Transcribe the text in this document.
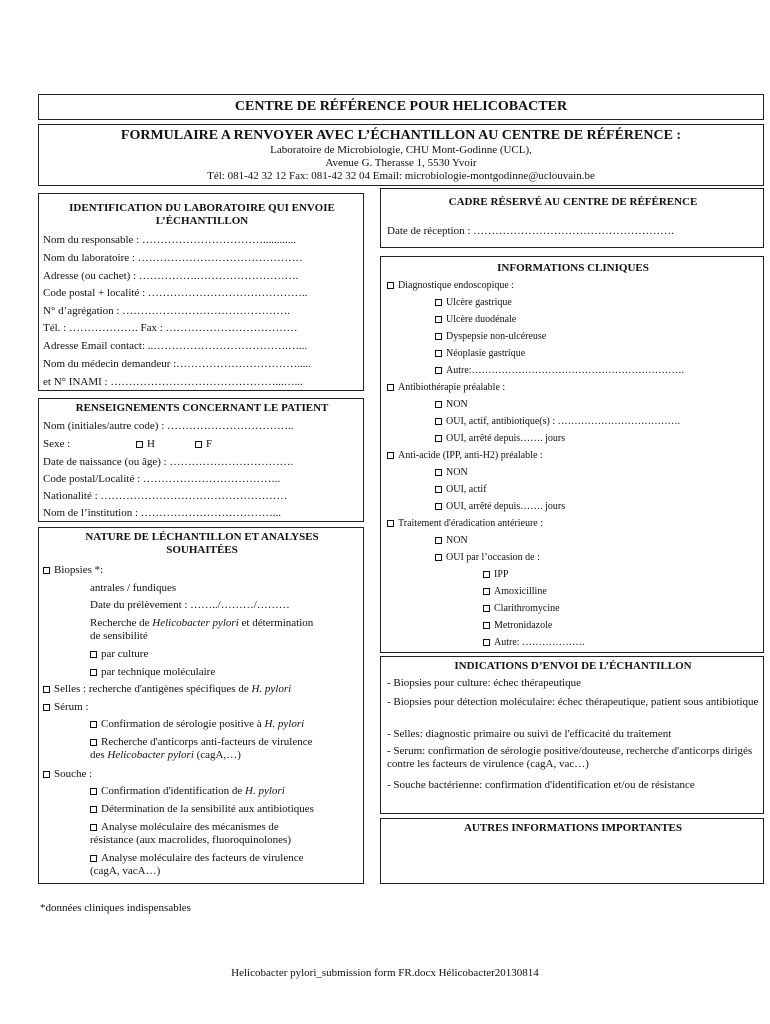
CENTRE DE RÉFÉRENCE POUR HELICOBACTER
FORMULAIRE A RENVOYER AVEC L’ÉCHANTILLON AU CENTRE DE RÉFÉRENCE :
Laboratoire de Microbiologie, CHU Mont-Godinne (UCL),
Avenue G. Therasse 1, 5530 Yvoir
Tél: 081-42 32 12 Fax: 081-42 32 04 Email: microbiologie-montgodinne@uclouvain.be
IDENTIFICATION DU LABORATOIRE QUI ENVOIE L’ÉCHANTILLON
Nom du responsable : ……………………………............
Nom du laboratoire : ………………………………………
Adresse (ou cachet) : …………….……………………….
Code postal + localité : ……………………………………..
N° d’agrégation : ……………………………………….
Tél. : ………………. Fax : ………………………………
Adresse Email contact: ..……………………………….…...
Nom du médecin demandeur :…………………………….....
et N° INAMI : ………………………………………...…...
RENSEIGNEMENTS CONCERNANT LE PATIENT
Nom (initiales/autre code) : ……………………………..
Sexe :	H	F
Date de naissance (ou âge) : …………………………….
Code postal/Localité : ………………………………..
Nationalité : ……………………………………………
Nom de l’institution : ………………………………...
NATURE DE LÉCHANTILLON ET ANALYSES SOUHAITÉES
Biopsies *:
antrales / fundiques
Date du prélèvement : ……../………/………
Recherche de Helicobacter pylori et détermination
de sensibilité
par culture
par technique moléculaire
Selles : recherche d'antigènes spécifiques de H. pylori
Sérum :
Confirmation de sérologie positive à H. pylori
Recherche d'anticorps anti-facteurs de virulence
des Helicobacter pylori (cagA,…)
Souche :
Confirmation d'identification de H. pylori
Détermination de la sensibilité aux antibiotiques
Analyse moléculaire des mécanismes de
résistance (aux macrolides, fluoroquinolones)
Analyse moléculaire des facteurs de virulence
(cagA, vacA…)
*données cliniques indispensables
CADRE RÉSERVÉ AU CENTRE DE RÉFÉRENCE
Date de réception : ……………………………………………….
INFORMATIONS CLINIQUES
Diagnostique endoscopique :
Ulcère gastrique
Ulcère duodénale
Dyspepsie non-ulcéreuse
Néoplasie gastrique
Autre:……………………………………………………….
Antibiothérapie préalable :
NON
OUI, actif, antibiotique(s) : ……………………………….
OUI, arrêté depuis……. jours
Anti-acide (IPP, anti-H2) préalable :
NON
OUI, actif
OUI, arrêté depuis……. jours
Traitement d'éradication antérieure :
NON
OUI par l’occasion de :
IPP
Amoxicilline
Clarithromycine
Metronidazole
Autre: ……………….
INDICATIONS D’ENVOI DE L’ÉCHANTILLON
- Biopsies pour culture: échec thérapeutique
- Biopsies pour détection moléculaire: échec thérapeutique, patient sous antibiotique
- Selles: diagnostic primaire ou suivi de l'efficacité du traitement
- Serum: confirmation de sérologie positive/douteuse, recherche d'anticorps dirigés contre les facteurs de virulence (cagA, vac…)
- Souche bactérienne: confirmation d'identification et/ou de résistance
AUTRES INFORMATIONS IMPORTANTES
Helicobacter pylori_submission form FR.docx Hélicobacter20130814
